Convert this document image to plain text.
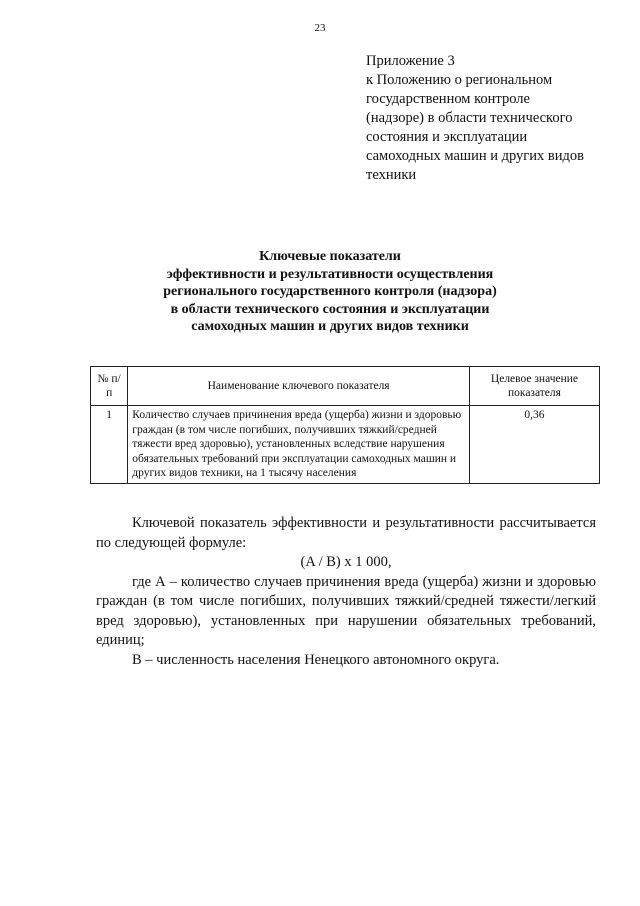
23
Приложение 3
к Положению о региональном
государственном контроле
(надзоре) в области технического
состояния и эксплуатации
самоходных машин и других видов
техники
Ключевые показатели
эффективности и результативности осуществления
регионального государственного контроля (надзора)
в области технического состояния и эксплуатации
самоходных машин и других видов техники
№ п/п	Наименование ключевого показателя	Целевое значение показателя
1	Количество случаев причинения вреда (ущерба) жизни и здоровью граждан (в том числе погибших, получивших тяжкий/средней тяжести вред здоровью), установленных вследствие нарушения обязательных требований при эксплуатации самоходных машин и других видов техники, на 1 тысячу населения	0,36

Ключевой показатель эффективности и результативности рассчитывается по следующей формуле:

(A / B) x 1 000,

где А – количество случаев причинения вреда (ущерба) жизни и здоровью граждан (в том числе погибших, получивших тяжкий/средней тяжести/легкий вред здоровью), установленных при нарушении обязательных требований, единиц;

В – численность населения Ненецкого автономного округа.
